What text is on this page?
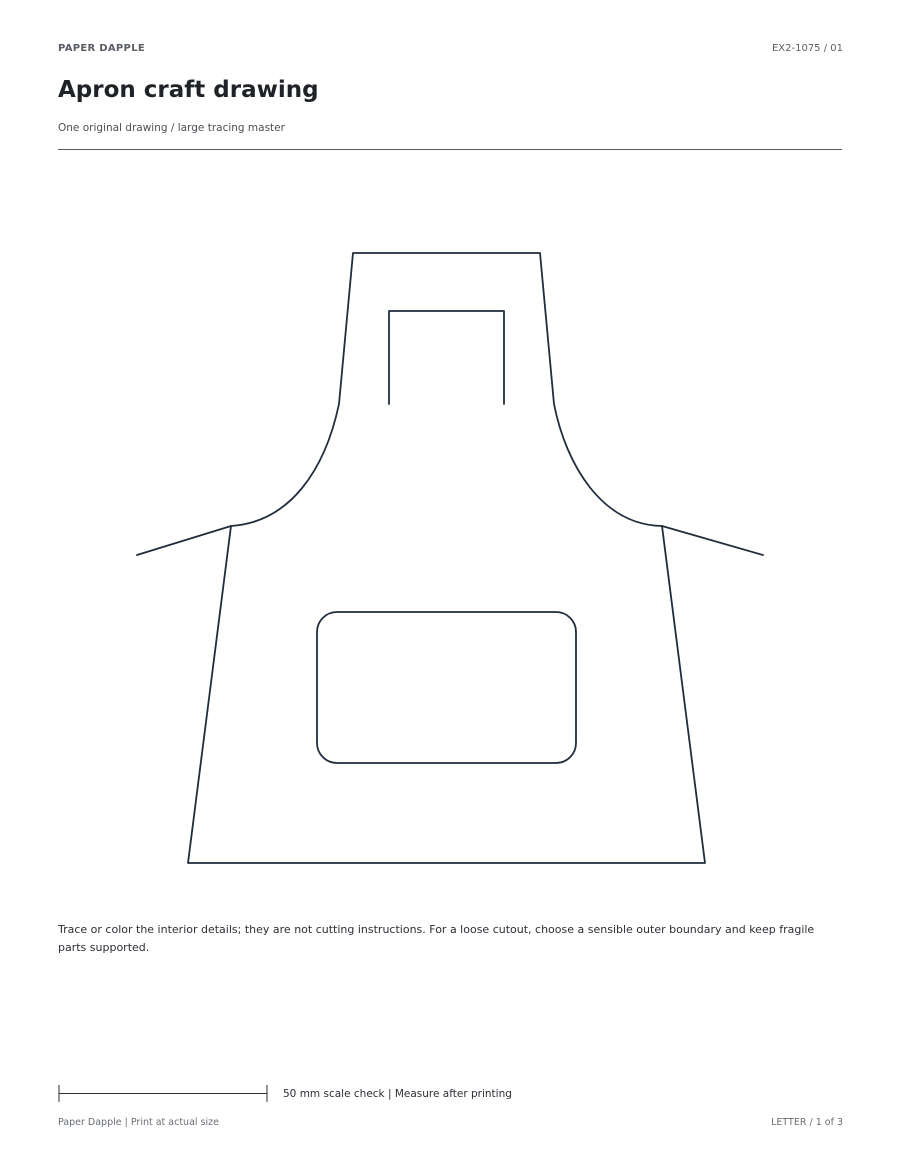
PAPER DAPPLE	EX2-1075 / 01
Apron craft drawing
One original drawing / large tracing master

Trace or color the interior details; they are not cutting instructions. For a loose cutout, choose a sensible outer boundary and keep fragile parts supported.

50 mm scale check | Measure after printing
Paper Dapple | Print at actual size	LETTER / 1 of 3
